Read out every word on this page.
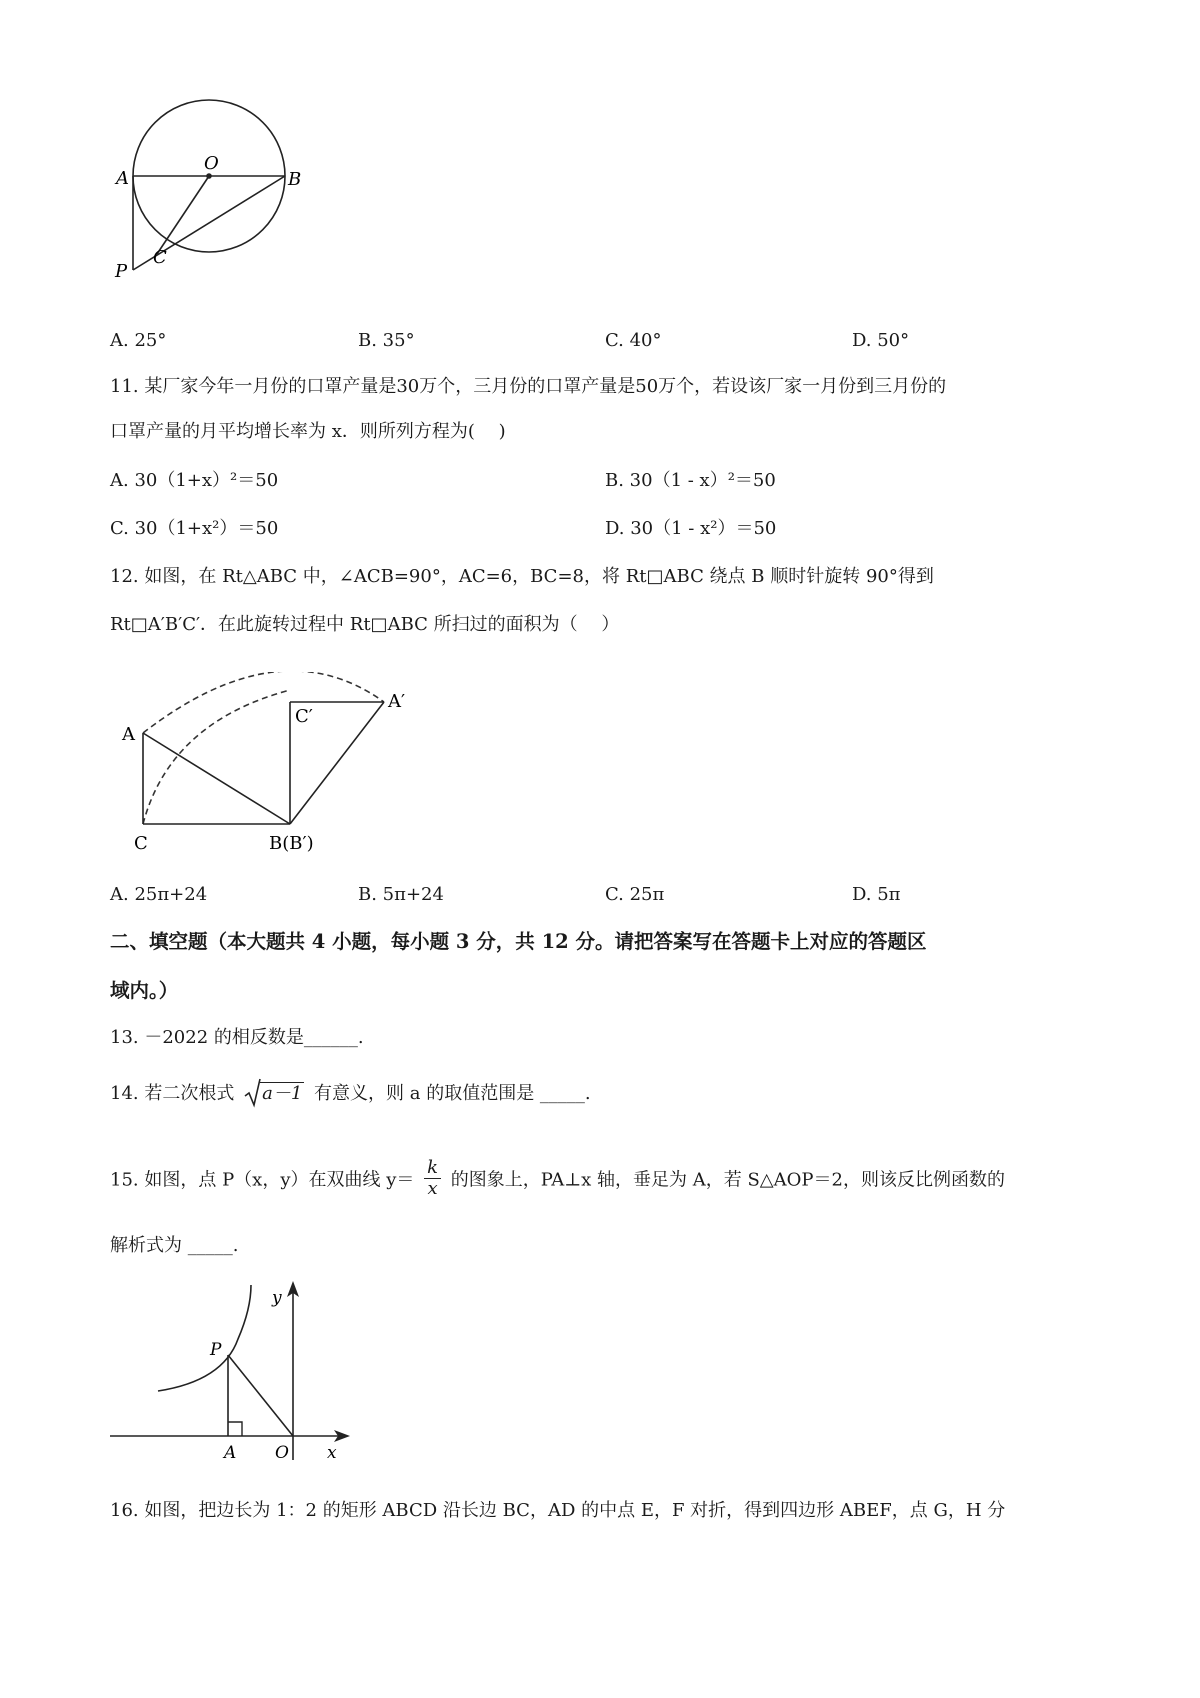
A
O
B
C
P
A. 25°	B. 35°	C. 40°	D. 50°
11. 某厂家今年一月份的口罩产量是30万个，三月份的口罩产量是50万个，若设该厂家一月份到三月份的
口罩产量的月平均增长率为 x．则所列方程为(　 )
A. 30（1+x）²＝50	B. 30（1 - x）²＝50
C. 30（1+x²）＝50	D. 30（1 - x²）＝50
12. 如图，在 Rt△ABC 中，∠ACB=90°，AC=6，BC=8，将 Rt□ABC 绕点 B 顺时针旋转 90°得到
Rt□A′B′C′．在此旋转过程中 Rt□ABC 所扫过的面积为（　 ）
A
C	B(B′)
C′
A′
A. 25π+24	B. 5π+24	C. 25π	D. 5π
二、填空题（本大题共 4 小题，每小题 3 分，共 12 分。请把答案写在答题卡上对应的答题区
域内。）
13. －2022 的相反数是______.
14. 若二次根式 a－1 有意义，则 a 的取值范围是 _____.
15. 如图，点 P（x，y）在双曲线 $y= \frac{k}{x}$ 的图象上，PA⊥x 轴，垂足为 A，若 S△AOP＝2，则该反比例函数的
解析式为 _____.
y
P
A O x
16. 如图，把边长为 1：2 的矩形 ABCD 沿长边 BC，AD 的中点 E，F 对折，得到四边形 ABEF，点 G，H 分
